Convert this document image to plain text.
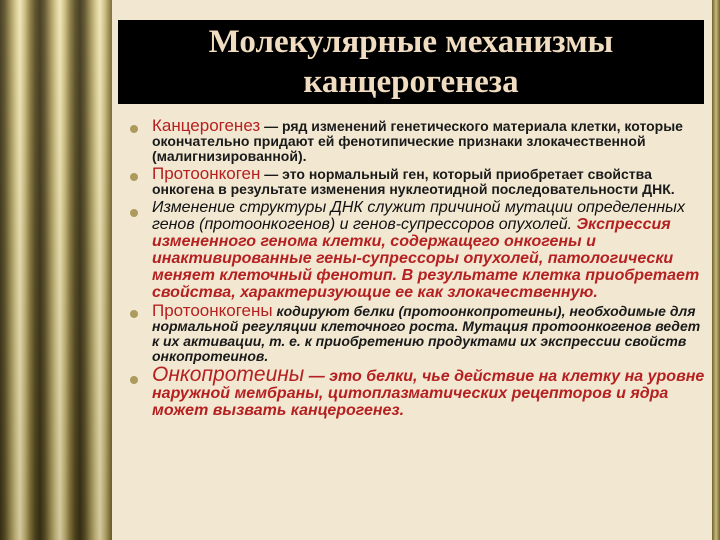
Молекулярные механизмы канцерогенеза

Канцерогенез — ряд изменений генетического материала клетки, которые окончательно придают ей фенотипические признаки злокачественной (малигнизированной).

Протоонкоген — это нормальный ген, который приобретает свойства онкогена в результате изменения нуклеотидной последовательности ДНК.

Изменение структуры ДНК служит причиной мутации определенных генов (протоонкогенов) и генов-супрессоров опухолей. Экспрессия измененного генома клетки, содержащего онкогены и инактивированные гены-супрессоры опухолей, патологически меняет клеточный фенотип. В результате клетка приобретает свойства, характеризующие ее как злокачественную.

Протоонкогены кодируют белки (протоонкопротеины), необходимые для нормальной регуляции клеточного роста. Мутация протоонкогенов ведет к их активации, т. е. к приобретению продуктами их экспрессии свойств онкопротеинов.

Онкопротеины — это белки, чье действие на клетку на уровне наружной мембраны, цитоплазматических рецепторов и ядра может вызвать канцерогенез.
